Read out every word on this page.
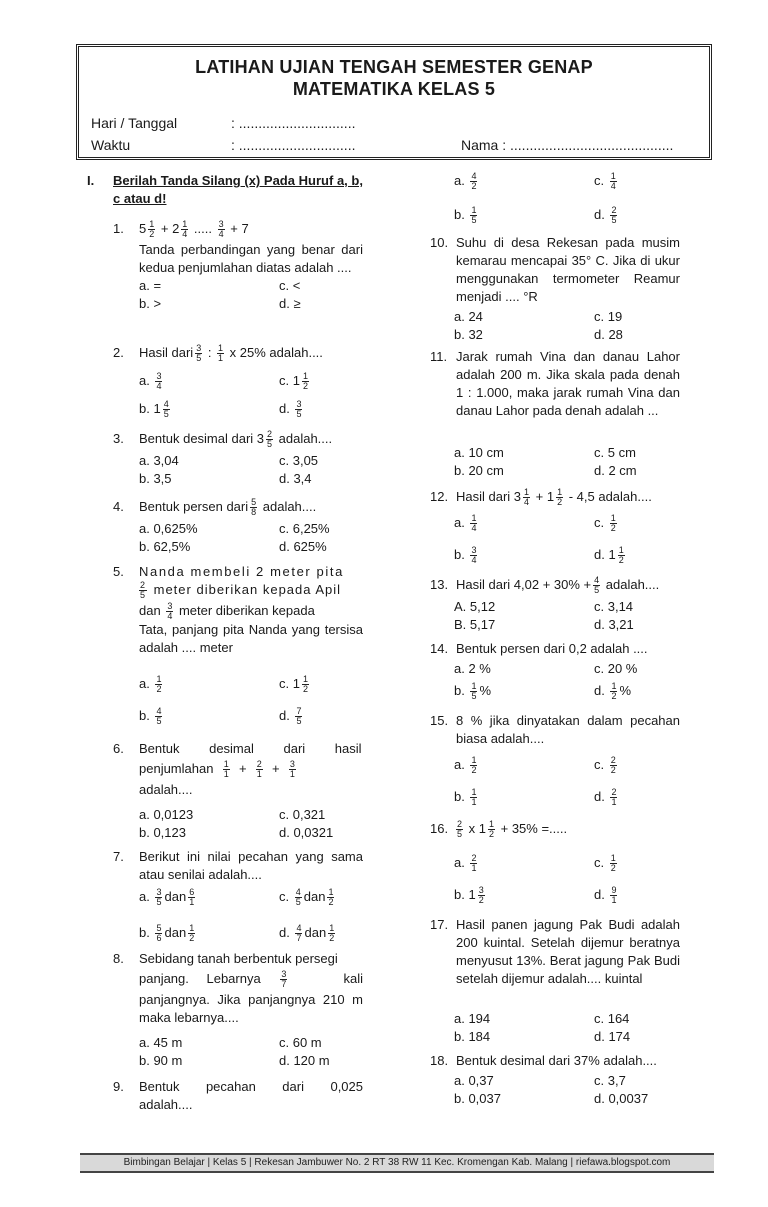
LATIHAN UJIAN TENGAH SEMESTER GENAP
MATEMATIKA KELAS 5
Hari / Tanggal	: ..............................
Waktu	: ..............................	Nama : ..........................................
I. Berilah Tanda Silang (x) Pada Huruf a, b, c atau d!
1. $5 \frac{1}{2} + 2 \frac{1}{4}$ ..... $\frac{3}{4} + 7$
Tanda perbandingan yang benar dari kedua penjumlahan diatas adalah ....
a. =	c. <
b. >	d. ≥
2. Hasil dari $\frac{3}{5}$ : $\frac{1}{1}$ x 25% adalah....
a. $\frac{3}{4}$	c. $1 \frac{1}{2}$
b. $1 \frac{4}{5}$	d. $\frac{3}{5}$
3. Bentuk desimal dari $3 \frac{2}{5}$ adalah....
a. 3,04	c. 3,05
b. 3,5	d. 3,4
4. Bentuk persen dari $\frac{5}{8}$ adalah....
a. 0,625%	c. 6,25%
b. 62,5%	d. 625%
5. Nanda membeli 2 meter pita
$\frac{2}{5}$ meter diberikan kepada Apil
dan $\frac{3}{4}$ meter diberikan kepada
Tata, panjang pita Nanda yang tersisa adalah .... meter
a. $\frac{1}{2}$	c. $1 \frac{1}{2}$
b. $\frac{4}{5}$	d. $\frac{7}{5}$
6. Bentuk desimal dari hasil
penjumlahan $\frac{1}{1} + \frac{2}{1} + \frac{3}{1}$
adalah....
a. 0,0123	c. 0,321
b. 0,123	d. 0,0321
7. Berikut ini nilai pecahan yang sama atau senilai adalah....
a. $\frac{3}{5}$ dan $\frac{6}{1}$	c. $\frac{4}{5}$ dan $\frac{1}{2}$
b. $\frac{5}{6}$ dan $\frac{1}{2}$	d. $\frac{4}{7}$ dan $\frac{1}{2}$
8. Sebidang tanah berbentuk persegi
panjang. Lebarnya $\frac{3}{7}$	kali
panjangnya. Jika panjangnya 210 m maka lebarnya....
a. 45 m	c. 60 m
b. 90 m	d. 120 m
9. Bentuk pecahan dari 0,025 adalah....
a. $\frac{4}{2}$	c. $\frac{1}{4}$
b. $\frac{1}{5}$	d. $\frac{2}{5}$
10. Suhu di desa Rekesan pada musim kemarau mencapai 35° C. Jika di ukur menggunakan termometer Reamur menjadi .... °R
a. 24	c. 19
b. 32	d. 28
11. Jarak rumah Vina dan danau Lahor adalah 200 m. Jika skala pada denah 1 : 1.000, maka jarak rumah Vina dan danau Lahor pada denah adalah ...
a. 10 cm	c. 5 cm
b. 20 cm	d. 2 cm
12. Hasil dari $3 \frac{1}{4} + 1 \frac{1}{2} - 4,5$ adalah....
a. $\frac{1}{4}$	c. $\frac{1}{2}$
b. $\frac{3}{4}$	d. $1 \frac{1}{2}$
13. Hasil dari $4,02 + 30\% + \frac{4}{5}$ adalah....
A. 5,12	c. 3,14
B. 5,17	d. 3,21
14. Bentuk persen dari 0,2 adalah ....
a. 2 %	c. 20 %
b. $\frac{1}{5}$ %	d. $\frac{1}{2}$ %
15. 8 % jika dinyatakan dalam pecahan biasa adalah....
a. $\frac{1}{2}$	c. $\frac{2}{2}$
b. $\frac{1}{1}$	d. $\frac{2}{1}$
16. $\frac{2}{5}$ x $1 \frac{1}{2} + 35\%$ =.....
a. $\frac{2}{1}$	c. $\frac{1}{2}$
b. $1 \frac{3}{2}$	d. $\frac{9}{1}$
17. Hasil panen jagung Pak Budi adalah 200 kuintal. Setelah dijemur beratnya menyusut 13%. Berat jagung Pak Budi setelah dijemur adalah.... kuintal
a. 194	c. 164
b. 184	d. 174
18. Bentuk desimal dari 37% adalah....
a. 0,37	c. 3,7
b. 0,037	d. 0,0037
Bimbingan Belajar | Kelas 5 | Rekesan Jambuwer No. 2 RT 38 RW 11 Kec. Kromengan Kab. Malang | riefawa.blogspot.com
